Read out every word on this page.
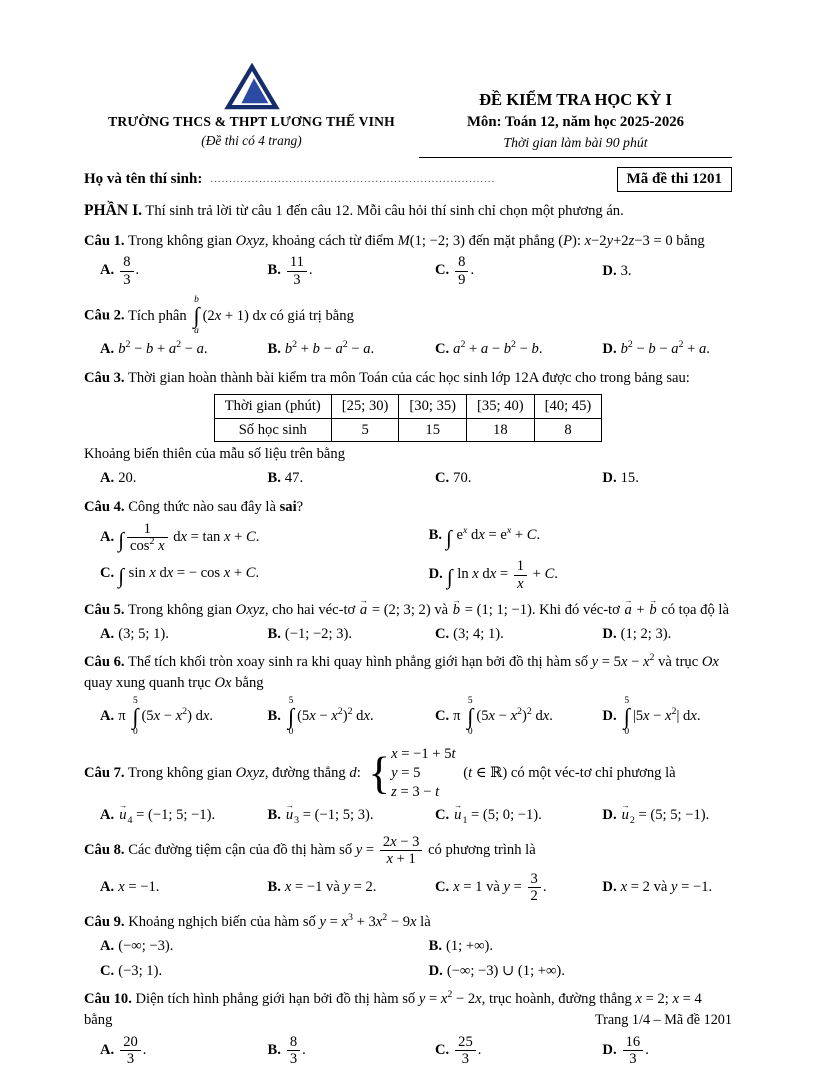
TRƯỜNG THCS & THPT LƯƠNG THẾ VINH
(Đề thi có 4 trang)
ĐỀ KIỂM TRA HỌC KỲ I
Môn: Toán 12, năm học 2025-2026
Thời gian làm bài 90 phút
Họ và tên thí sinh: ............................................................................	Mã đề thi 1201
PHẦN I. Thí sinh trả lời từ câu 1 đến câu 12. Mỗi câu hỏi thí sinh chỉ chọn một phương án.
Câu 1. Trong không gian Oxyz, khoảng cách từ điểm M(1; −2; 3) đến mặt phẳng (P): x−2y+2z−3 = 0 bằng
A. $\frac{8}{3}$ .	B. $\frac{11}{3}$ .	C. $\frac{8}{9}$ .	D. 3.
Câu 2. Tích phân
b
∫
a
(2x + 1) dx có giá trị bằng
A. $b^2 - b + a^2 - a$.	B. $b^2 + b - a^2 - a$.	C. $a^2 + a - b^2 - b$.	D. $b^2 - b - a^2 + a$.
Câu 3. Thời gian hoàn thành bài kiểm tra môn Toán của các học sinh lớp 12A được cho trong bảng sau:
Thời gian (phút)	[25; 30)	[30; 35)	[35; 40)	[40; 45)
Số học sinh	5	15	18	8
Khoảng biến thiên của mẫu số liệu trên bằng
A. 20.	B. 47.	C. 70.	D. 15.
Câu 4. Công thức nào sau đây là sai?
A. ∫ $\frac{1}{\cos^2 x}$ dx = tan x + C.	B. ∫ $e^x$ dx = $e^x + C$.
C. ∫ sin x dx = − cos x + C.	D. ∫ ln x dx = $\frac{1}{x} + C$.
Câu 5. Trong không gian Oxyz, cho hai véc-tơ → a = (2; 3; 2) và → b = (1; 1; −1). Khi đó véc-tơ → a + → b có tọa độ là
A. (3; 5; 1).	B. (−1; −2; 3).	C. (3; 4; 1).	D. (1; 2; 3).
Câu 6. Thể tích khối tròn xoay sinh ra khi quay hình phẳng giới hạn bởi đồ thị hàm số $y = 5x - x^2$ và trục Ox quay xung quanh trục Ox bằng
A. π
5
∫
0
$(5x - x^2)$ dx.	B.
5
∫
0
$(5x - x^2)^2$ dx.	C. π
5
∫
0
$(5x - x^2)^2$ dx.	D.
5
∫
0
$|5x - x^2|$ dx.
Câu 7. Trong không gian Oxyz, đường thẳng d: { x = −1 + 5t
y = 5
z = 3 − t
(t ∈ ℝ) có một véc-tơ chỉ phương là
A. → $u_4 = (-1$; 5; −1).	B. → $u_3 = (-1$; 5; 3).	C. → $u_1 = (5$; 0; −1).	D. → $u_2 = (5$; 5; −1).
Câu 8. Các đường tiệm cận của đồ thị hàm số $y = \frac{2x - 3}{x + 1}$ có phương trình là
A. x = −1.	B. x = −1 và y = 2.	C. x = 1 và $y = \frac{3}{2}$ .	D. x = 2 và y = −1.
Câu 9. Khoảng nghịch biến của hàm số $y = x^3 + 3x^2 - 9x$ là
A. (−∞; −3).	B. (1; +∞).
C. (−3; 1).	D. (−∞; −3) ∪ (1; +∞).
Câu 10. Diện tích hình phẳng giới hạn bởi đồ thị hàm số $y = x^2 - 2x$, trục hoành, đường thẳng x = 2; x = 4 bằng
A. $\frac{20}{3}$ .	B. $\frac{8}{3}$ .	C. $\frac{25}{3}$ .	D. $\frac{16}{3}$ .
Trang 1/4 – Mã đề 1201
